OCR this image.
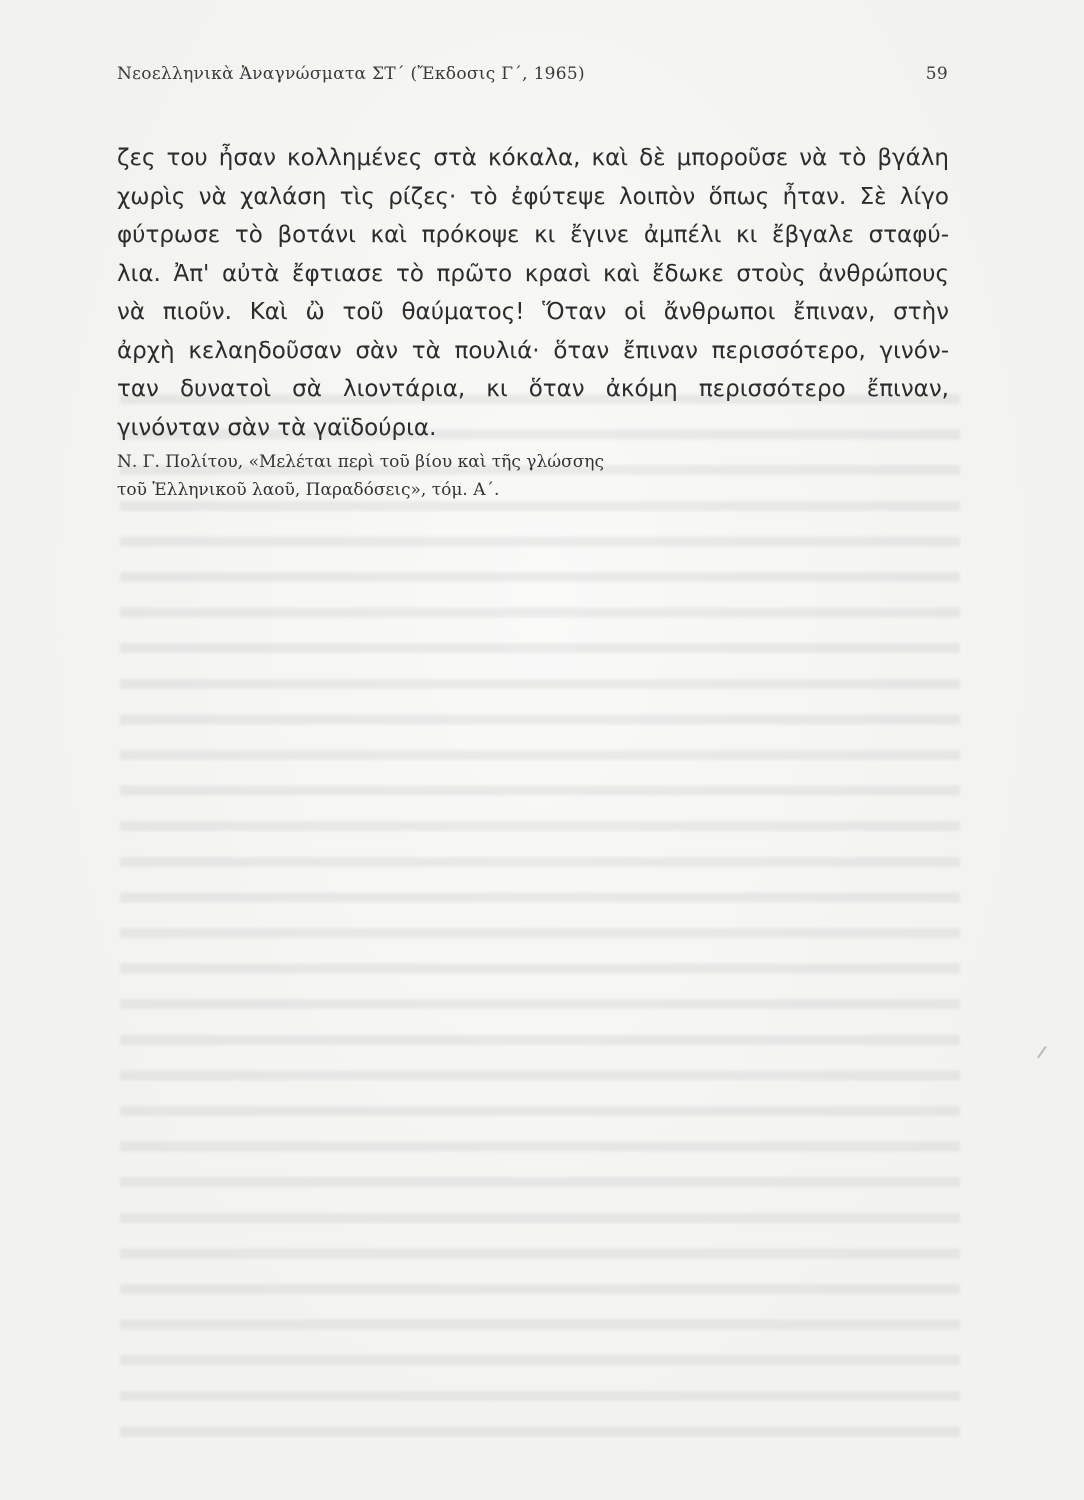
Νεοελληνικὰ Ἀναγνώσματα ΣΤ΄ (Ἔκδοσις Γ΄, 1965)	59
ζες του ἦσαν κολλημένες στὰ κόκαλα, καὶ δὲ μποροῦσε νὰ τὸ βγάλη
χωρὶς νὰ χαλάση τὶς ρίζες· τὸ ἐφύτεψε λοιπὸν ὅπως ἦταν. Σὲ λίγο
φύτρωσε τὸ βοτάνι καὶ πρόκοψε κι ἔγινε ἀμπέλι κι ἔβγαλε σταφύ-
λια. Ἀπ' αὐτὰ ἔφτιασε τὸ πρῶτο κρασὶ καὶ ἔδωκε στοὺς ἀνθρώπους
νὰ πιοῦν. Καὶ ὢ τοῦ θαύματος! Ὅταν οἱ ἄνθρωποι ἔπιναν, στὴν
ἀρχὴ κελαηδοῦσαν σὰν τὰ πουλιά· ὅταν ἔπιναν περισσότερο, γινόν-
ταν δυνατοὶ σὰ λιοντάρια, κι ὅταν ἀκόμη περισσότερο ἔπιναν,
γινόνταν σὰν τὰ γαϊδούρια.
Ν. Γ. Πολίτου, «Μελέται περὶ τοῦ βίου καὶ τῆς γλώσσης
τοῦ Ἑλληνικοῦ λαοῦ, Παραδόσεις», τόμ. Α΄.
